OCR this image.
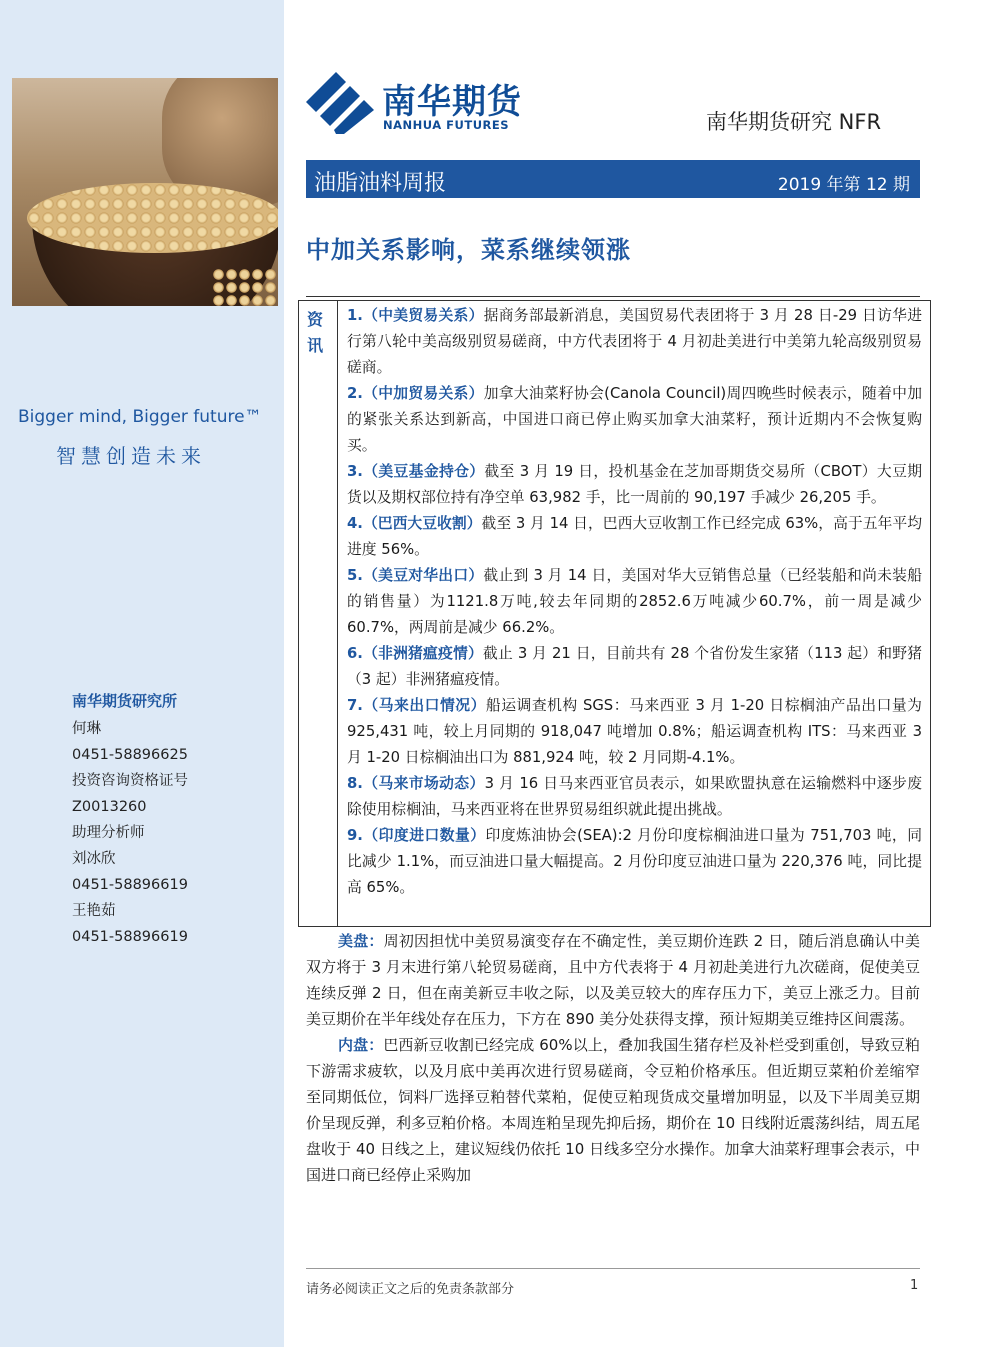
Bigger mind, Bigger future™
智慧创造未来
南华期货研究所
何琳
0451-58896625
投资咨询资格证号
Z0013260
助理分析师
刘冰欣
0451-58896619
王艳茹
0451-58896619
南华期货
NANHUA FUTURES	南华期货研究 NFR
油脂油料周报	2019 年第 12 期
中加关系影响，菜系继续领涨
资讯

1.（中美贸易关系）据商务部最新消息，美国贸易代表团将于 3 月 28 日-29 日访华进行第八轮中美高级别贸易磋商，中方代表团将于 4 月初赴美进行中美第九轮高级别贸易磋商。

2.（中加贸易关系）加拿大油菜籽协会(Canola Council)周四晚些时候表示，随着中加的紧张关系达到新高，中国进口商已停止购买加拿大油菜籽，预计近期内不会恢复购买。

3.（美豆基金持仓）截至 3 月 19 日，投机基金在芝加哥期货交易所（CBOT）大豆期货以及期权部位持有净空单 63,982 手，比一周前的 90,197 手减少 26,205 手。

4.（巴西大豆收割）截至 3 月 14 日，巴西大豆收割工作已经完成 63%，高于五年平均进度 56%。

5.（美豆对华出口）截止到 3 月 14 日，美国对华大豆销售总量（已经装船和尚未装船的销售量）为1121.8万吨,较去年同期的2852.6万吨减少60.7%，前一周是减少 60.7%，两周前是减少 66.2%。

6.（非洲猪瘟疫情）截止 3 月 21 日，目前共有 28 个省份发生家猪（113 起）和野猪（3 起）非洲猪瘟疫情。

7.（马来出口情况）船运调查机构 SGS：马来西亚 3 月 1-20 日棕榈油产品出口量为 925,431 吨，较上月同期的 918,047 吨增加 0.8%；船运调查机构 ITS：马来西亚 3 月 1-20 日棕榈油出口为 881,924 吨，较 2 月同期-4.1%。

8.（马来市场动态）3 月 16 日马来西亚官员表示，如果欧盟执意在运输燃料中逐步废除使用棕榈油，马来西亚将在世界贸易组织就此提出挑战。

9.（印度进口数量）印度炼油协会(SEA):2 月份印度棕榈油进口量为 751,703 吨，同比减少 1.1%，而豆油进口量大幅提高。2 月份印度豆油进口量为 220,376 吨，同比提高 65%。

美盘：周初因担忧中美贸易演变存在不确定性，美豆期价连跌 2 日，随后消息确认中美双方将于 3 月末进行第八轮贸易磋商，且中方代表将于 4 月初赴美进行九次磋商，促使美豆连续反弹 2 日，但在南美新豆丰收之际，以及美豆较大的库存压力下，美豆上涨乏力。目前美豆期价在半年线处存在压力，下方在 890 美分处获得支撑，预计短期美豆维持区间震荡。

内盘：巴西新豆收割已经完成 60%以上，叠加我国生猪存栏及补栏受到重创，导致豆粕下游需求疲软，以及月底中美再次进行贸易磋商，令豆粕价格承压。但近期豆菜粕价差缩窄至同期低位，饲料厂选择豆粕替代菜粕，促使豆粕现货成交量增加明显，以及下半周美豆期价呈现反弹，利多豆粕价格。本周连粕呈现先抑后扬，期价在 10 日线附近震荡纠结，周五尾盘收于 40 日线之上，建议短线仍依托 10 日线多空分水操作。加拿大油菜籽理事会表示，中国进口商已经停止采购加

请务必阅读正文之后的免责条款部分	1
